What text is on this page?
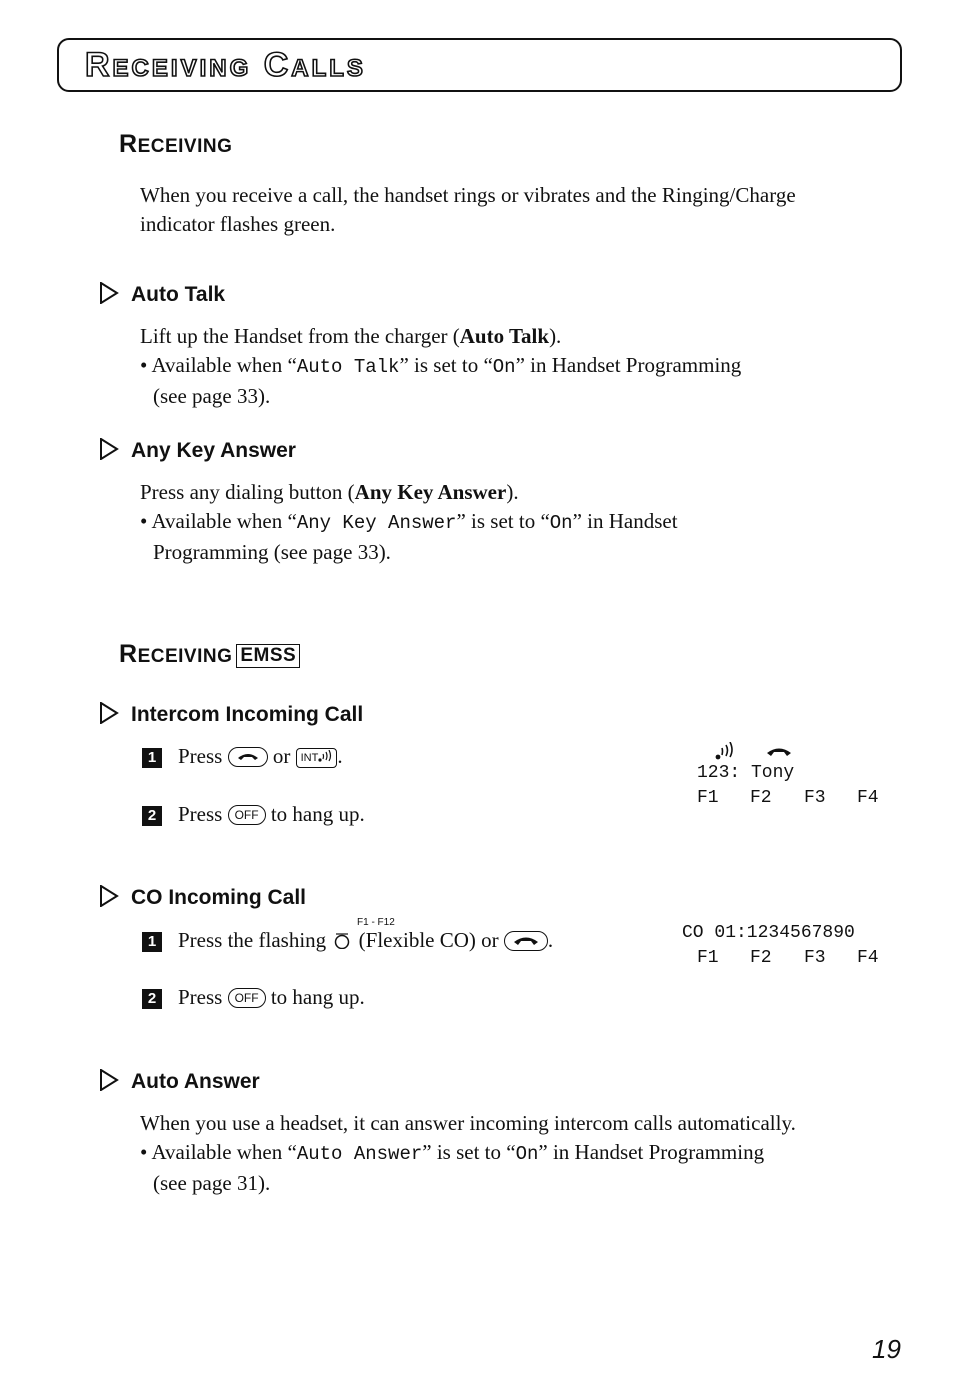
Receiving Calls
RECEIVING
When you receive a call, the handset rings or vibrates and the Ringing/Charge
indicator flashes green.
Auto Talk
Lift up the Handset from the charger (Auto Talk).
• Available when “Auto Talk” is set to “On” in Handset Programming
(see page 33).
Any Key Answer
Press any dialing button (Any Key Answer).
• Available when “Any Key Answer” is set to “On” in Handset
Programming (see page 33).
RECEIVING EMSS
Intercom Incoming Call
1 Press or INT .
2 Press OFF to hang up.
123: Tony
F1 F2 F3 F4
CO Incoming Call
F1 - F12
1 Press the flashing (Flexible CO) or .
2 Press OFF to hang up.
CO 01:1234567890
F1 F2 F3 F4
Auto Answer
When you use a headset, it can answer incoming intercom calls automatically.
• Available when “Auto Answer” is set to “On” in Handset Programming
(see page 31).
19
